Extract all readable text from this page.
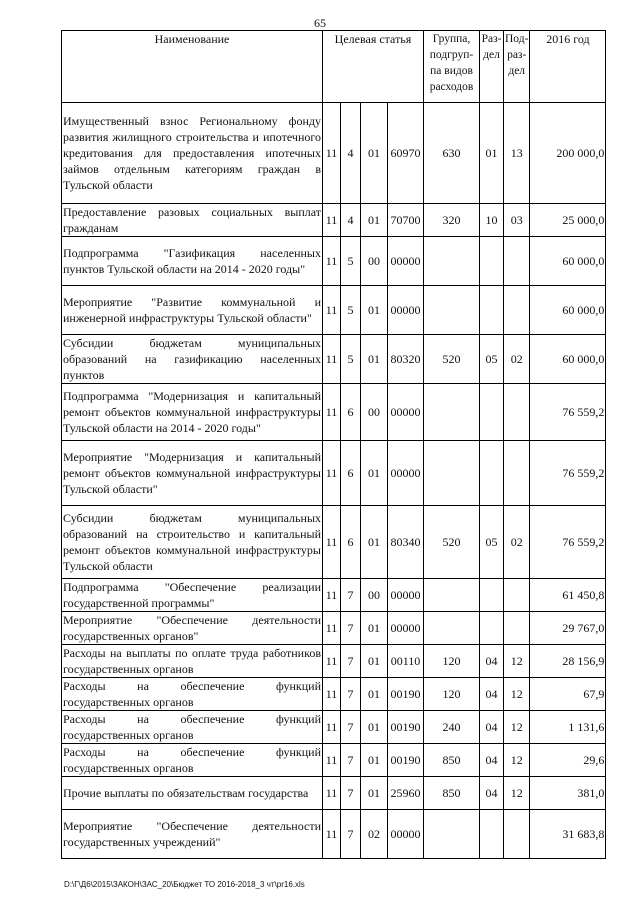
65
Наименование	Целевая статья				Группа, подгруп-па видов расходов	Раз-дел	Под-раз-дел	2016 год
Имущественный взнос Региональному фонду развития жилищного строительства и ипотечного кредитования для предоставления ипотечных займов отдельным категориям граждан в Тульской области	11	4	01	60970	630	01	13	200 000,0
Предоставление разовых социальных выплат гражданам	11	4	01	70700	320	10	03	25 000,0
Подпрограмма "Газификация населенных пунктов Тульской области на 2014 - 2020 годы"	11	5	00	00000				60 000,0
Мероприятие "Развитие коммунальной и инженерной инфраструктуры Тульской области"	11	5	01	00000				60 000,0
Субсидии бюджетам муниципальных образований на газификацию населенных пунктов	11	5	01	80320	520	05	02	60 000,0
Подпрограмма "Модернизация и капитальный ремонт объектов коммунальной инфраструктуры Тульской области на 2014 - 2020 годы"	11	6	00	00000				76 559,2
Мероприятие "Модернизация и капитальный ремонт объектов коммунальной инфраструктуры Тульской области"	11	6	01	00000				76 559,2
Субсидии бюджетам муниципальных образований на строительство и капитальный ремонт объектов коммунальной инфраструктуры Тульской области	11	6	01	80340	520	05	02	76 559,2
Подпрограмма "Обеспечение реализации государственной программы"	11	7	00	00000				61 450,8
Мероприятие "Обеспечение деятельности государственных органов"	11	7	01	00000				29 767,0
Расходы на выплаты по оплате труда работников государственных органов	11	7	01	00110	120	04	12	28 156,9
Расходы на обеспечение функций государственных органов	11	7	01	00190	120	04	12	67,9
Расходы на обеспечение функций государственных органов	11	7	01	00190	240	04	12	1 131,6
Расходы на обеспечение функций государственных органов	11	7	01	00190	850	04	12	29,6
Прочие выплаты по обязательствам государства	11	7	01	25960	850	04	12	381,0
Мероприятие "Обеспечение деятельности государственных учреждений"	11	7	02	00000				31 683,8
D:\Г\Д6\2015\ЗАКОН\ЗАС_20\Бюджет ТО 2016-2018_3 чт\pr16.xls
